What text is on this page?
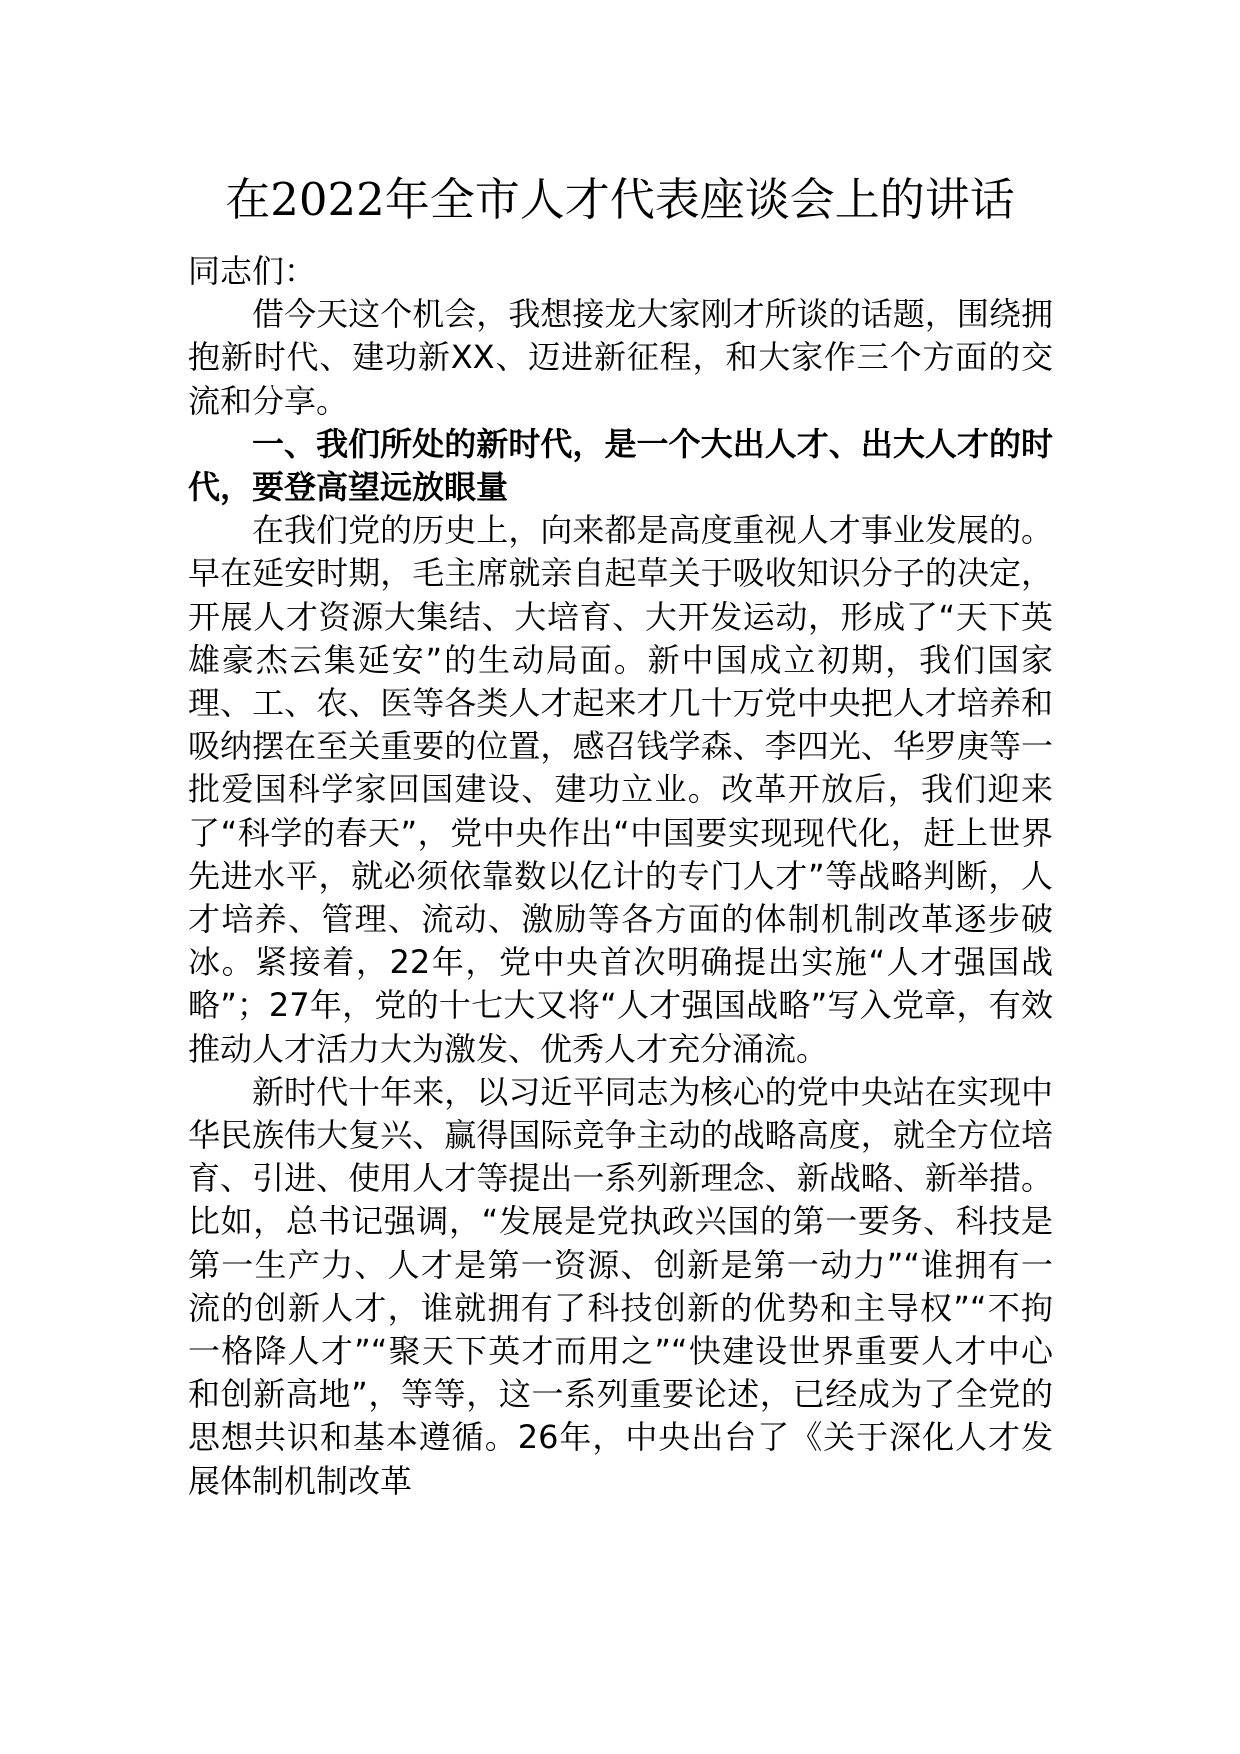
在2022年全市人才代表座谈会上的讲话

同志们：

借今天这个机会，我想接龙大家刚才所谈的话题，围绕拥抱新时代、建功新XX、迈进新征程，和大家作三个方面的交流和分享。

一、我们所处的新时代，是一个大出人才、出大人才的时代，要登高望远放眼量

在我们党的历史上，向来都是高度重视人才事业发展的。早在延安时期，毛主席就亲自起草关于吸收知识分子的决定，开展人才资源大集结、大培育、大开发运动，形成了“天下英雄豪杰云集延安”的生动局面。新中国成立初期，我们国家理、工、农、医等各类人才起来才几十万党中央把人才培养和吸纳摆在至关重要的位置，感召钱学森、李四光、华罗庚等一批爱国科学家回国建设、建功立业。改革开放后，我们迎来了“科学的春天”，党中央作出“中国要实现现代化，赶上世界先进水平，就必须依靠数以亿计的专门人才”等战略判断，人才培养、管理、流动、激励等各方面的体制机制改革逐步破冰。紧接着，22年，党中央首次明确提出实施“人才强国战略”；27年，党的十七大又将“人才强国战略”写入党章，有效推动人才活力大为激发、优秀人才充分涌流。

新时代十年来，以习近平同志为核心的党中央站在实现中华民族伟大复兴、赢得国际竞争主动的战略高度，就全方位培育、引进、使用人才等提出一系列新理念、新战略、新举措。比如，总书记强调，“发展是党执政兴国的第一要务、科技是第一生产力、人才是第一资源、创新是第一动力”“谁拥有一流的创新人才，谁就拥有了科技创新的优势和主导权”“不拘一格降人才”“聚天下英才而用之”“快建设世界重要人才中心和创新高地”，等等，这一系列重要论述，已经成为了全党的思想共识和基本遵循。26年，中央出台了《关于深化人才发展体制机制改革
